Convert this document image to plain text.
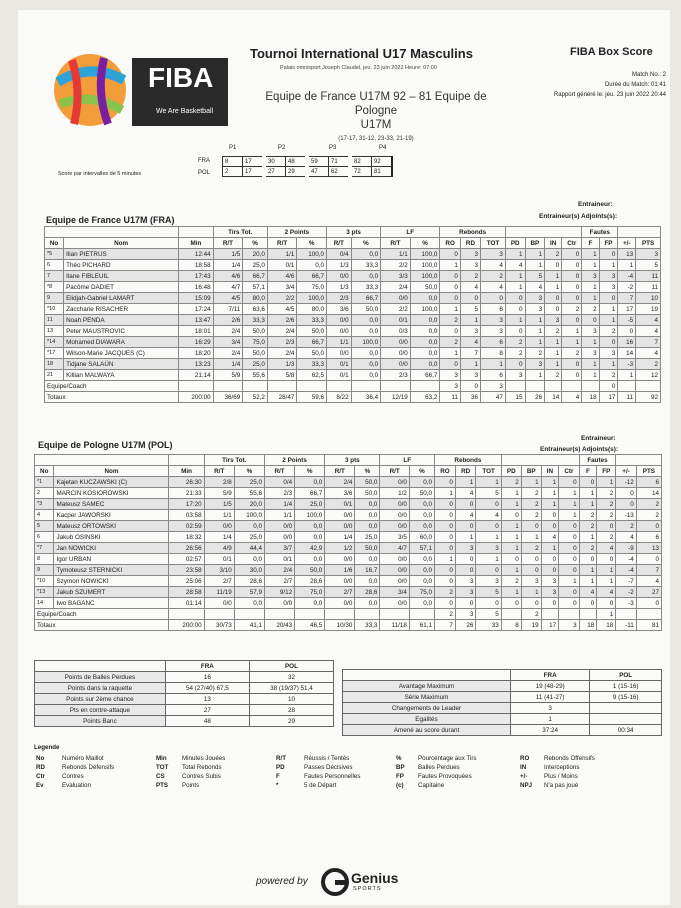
FIBA
We Are Basketball
Tournoi International U17 Masculins
Palais omnisport Joseph Claudel, jeu. 23 juin 2022 Heure: 07:00
FIBA Box Score
Match No.: 2
Durée du Match: 01:41
Rapport généré le: jeu. 23 juin 2022 20:44
Equipe de France U17M 92 – 81 Equipe de Pologne
U17M
(17-17, 31-12, 23-33, 21-19)
Score par intervalles de 5 minutes
P1	P2	P3	P4
FRA
POL
8	17	30	48	59	71	82	92
2	17	27	29	47	62	72	81
Entraineur:
Entraineur(s) Adjoints(s):
Equipe de France U17M (FRA)
			Tirs Tot.		2 Points		3 pts		LF		Rebonds							Fautes			
No	Nom	Min	R/T	%	R/T	%	R/T	%	R/T	%	RO	RD	TOT	PD	BP	IN	Ctr	F	FP	+/-	PTS
*5	Ilian PIETRUS	12:44	1/5	20,0	1/1	100,0	0/4	0,0	1/1	100,0	0	3	3	1	1	2	0	1	0	13	3
6	Théo PICHARD	18:58	1/4	25,0	0/1	0,0	1/3	33,3	2/2	100,0	1	3	4	4	1	0	0	1	1	1	5
7	Ilane FIBLEUIL	17:43	4/6	66,7	4/6	66,7	0/0	0,0	3/3	100,0	0	2	2	1	5	1	0	3	3	-4	11
*8	Pacôme DADIET	16:48	4/7	57,1	3/4	75,0	1/3	33,3	2/4	50,0	0	4	4	1	4	1	0	1	3	-2	11
9	Elidjah-Gabriel LAMART	15:09	4/5	80,0	2/2	100,0	2/3	66,7	0/0	0,0	0	0	0	0	3	0	0	1	0	7	10
*10	Zaccharie RISACHER	17:24	7/11	63,6	4/5	80,0	3/6	50,0	2/2	100,0	1	5	6	0	3	0	2	2	1	17	19
11	Noah PENDA	13:47	2/6	33,3	2/6	33,3	0/0	0,0	0/1	0,0	2	1	3	1	1	3	0	0	1	-5	4
13	Peter MAUSTROVIC	18:01	2/4	50,0	2/4	50,0	0/0	0,0	0/3	0,0	0	3	3	0	1	2	1	3	2	0	4
*14	Mohamed DIAWARA	16:29	3/4	75,0	2/3	66,7	1/1	100,0	0/0	0,0	2	4	6	2	1	1	1	1	0	16	7
*17	Wilson-Marie JACQUES (C)	18:20	2/4	50,0	2/4	50,0	0/0	0,0	0/0	0,0	1	7	8	2	2	1	2	3	3	14	4
18	Tidjane SALAÜN	13:23	1/4	25,0	1/3	33,3	0/1	0,0	0/0	0,0	0	1	1	0	3	1	0	1	1	-3	2
21	Killian MALWAYA	21:14	5/9	55,6	5/8	62,5	0/1	0,0	2/3	66,7	3	3	6	3	1	2	0	1	2	1	12
Equipe/Coach											3	0	3						0		
Totaux		200:00	36/69	52,2	28/47	59,6	8/22	36,4	12/19	63,2	11	36	47	15	26	14	4	18	17	11	92
Entraineur:
Entraineur(s) Adjoints(s):
Equipe de Pologne U17M (POL)
			Tirs Tot.		2 Points		3 pts		LF		Rebonds							Fautes			
No	Nom	Min	R/T	%	R/T	%	R/T	%	R/T	%	RO	RD	TOT	PD	BP	IN	Ctr	F	FP	+/-	PTS
*1	Kajetan KUCZAWSKI (C)	26:30	2/8	25,0	0/4	0,0	2/4	50,0	0/0	0,0	0	1	1	2	1	1	0	0	1	-12	6
2	MARCIN KOSIOROWSKI	21:33	5/9	55,6	2/3	66,7	3/6	50,0	1/2	50,0	1	4	5	1	2	1	1	1	2	0	14
*3	Mateusz SAMEC	17:20	1/5	20,0	1/4	25,0	0/1	0,0	0/0	0,0	0	0	0	1	2	1	1	1	2	0	2
4	Kacper JAWORSKI	03:58	1/1	100,0	1/1	100,0	0/0	0,0	0/0	0,0	0	4	4	0	2	0	1	2	2	-13	2
5	Mateusz ORTOWSKI	02:59	0/0	0,0	0/0	0,0	0/0	0,0	0/0	0,0	0	0	0	1	0	0	0	2	0	2	0
6	Jakub OSINSKI	18:32	1/4	25,0	0/0	0,0	1/4	25,0	3/5	60,0	0	1	1	1	1	4	0	1	2	4	6
*7	Jan NOWICKI	26:56	4/9	44,4	3/7	42,9	1/2	50,0	4/7	57,1	0	3	3	1	2	1	0	2	4	-9	13
8	Igor URBAN	02:57	0/1	0,0	0/1	0,0	0/0	0,0	0/0	0,0	1	0	1	0	0	0	0	0	0	-4	0
9	Tymoteusz STERNICKI	23:58	3/10	30,0	2/4	50,0	1/6	16,7	0/0	0,0	0	0	0	1	0	0	0	1	1	-4	7
*10	Szymon NOWICKI	25:06	2/7	28,6	2/7	28,6	0/0	0,0	0/0	0,0	0	3	3	2	3	3	1	1	1	-7	4
*13	Jakub SZUMERT	28:58	11/19	57,9	9/12	75,0	2/7	28,6	3/4	75,0	2	3	5	1	1	3	0	4	4	-2	27
14	Iwo BAGANC	01:14	0/0	0,0	0/0	0,0	0/0	0,0	0/0	0,0	0	0	0	0	0	0	0	0	0	-3	0
Equipe/Coach											2	3	5		2				1		
Totaux		200:00	30/73	41,1	20/43	46,5	10/30	33,3	11/18	61,1	7	26	33	8	19	17	3	18	18	-11	81
	FRA	POL
Points de Balles Perdues	16	32
Points dans la raquette	54 (27/40) 67,5	38 (19/37) 51,4
Points sur 2ème chance	13	10
Pts en contre-attaque	27	28
Points Banc	48	29
	FRA	POL
Avantage Maximum	19 (48-29)	1 (15-16)
Série Maximum	11 (41-27)	9 (15-16)
Changements de Leader	3	
Egalités	1	
Amené au score durant	37:24	00:34
Legende
No	Numéro Maillot	Min Minutes Jouées	R/T	Réussis / Tentés	%	Pourcentage aux Tirs	RO Rebonds Offensifs
RD	Rebonds Défensifs	TOT Total Rebonds	PD	Passes Décisives	BP Balles Perdues	IN	Interceptions
Ctr	Contres	CS	Contres Subis	F	Fautes Personnelles	FP Fautes Provoquées	+/-	Plus / Moins
Ev	Evaluation	PTS Points	*	5 de Départ	(c) Capitaine	NPJ N'a pas joué
powered by	Genius
SPORTS
